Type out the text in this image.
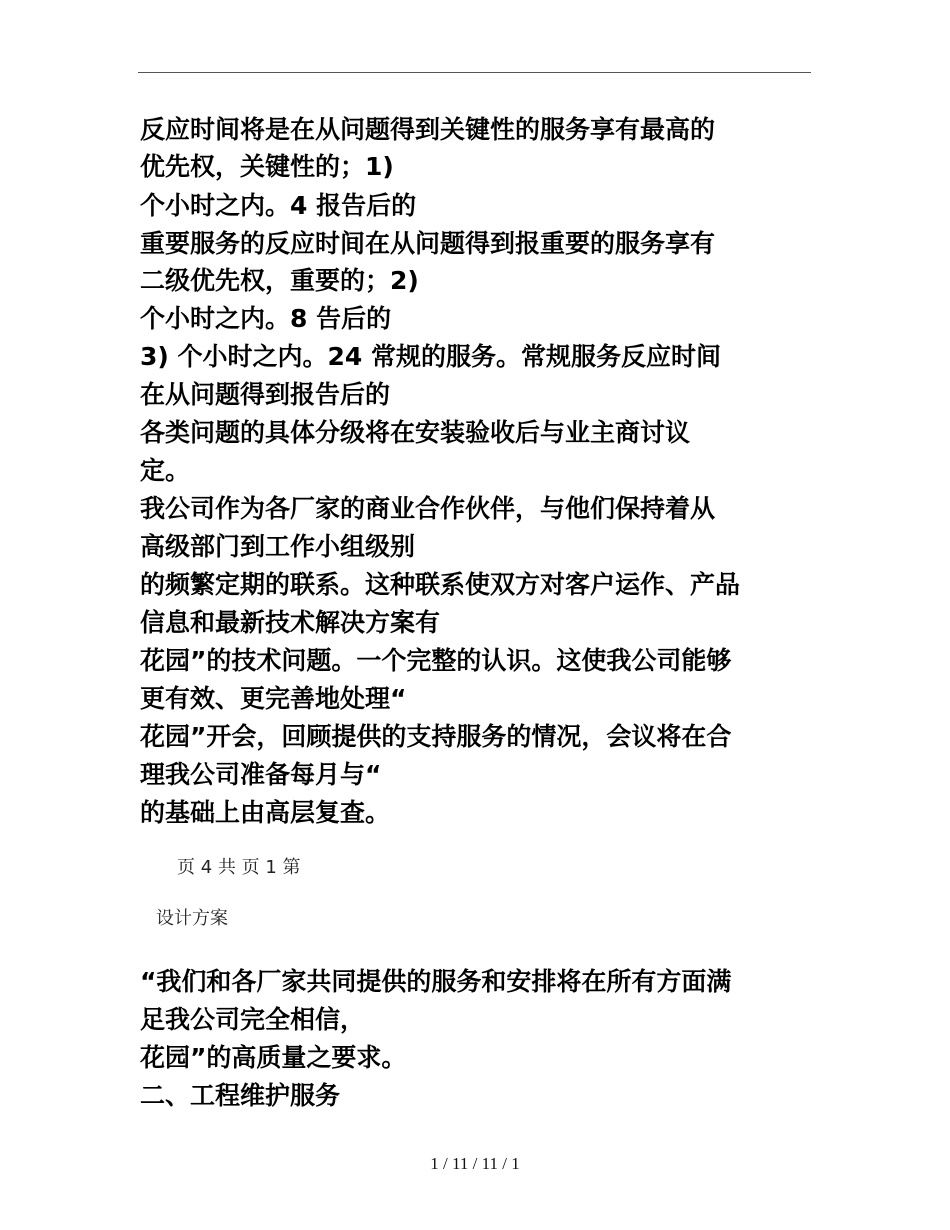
反应时间将是在从问题得到关键性的服务享有最高的
优先权，关键性的；1)
个小时之内。4 报告后的
重要服务的反应时间在从问题得到报重要的服务享有
二级优先权，重要的；2)
个小时之内。8 告后的
3) 个小时之内。24 常规的服务。常规服务反应时间
在从问题得到报告后的
各类问题的具体分级将在安装验收后与业主商讨议
定。
我公司作为各厂家的商业合作伙伴，与他们保持着从
高级部门到工作小组级别
的频繁定期的联系。这种联系使双方对客户运作、产品
信息和最新技术解决方案有
花园”的技术问题。一个完整的认识。这使我公司能够
更有效、更完善地处理“
花园”开会，回顾提供的支持服务的情况，会议将在合
理我公司准备每月与“
的基础上由高层复查。
页 4 共 页 1 第
设计方案
“我们和各厂家共同提供的服务和安排将在所有方面满
足我公司完全相信，
花园”的高质量之要求。
二、工程维护服务
1 / 11 / 11 / 1
